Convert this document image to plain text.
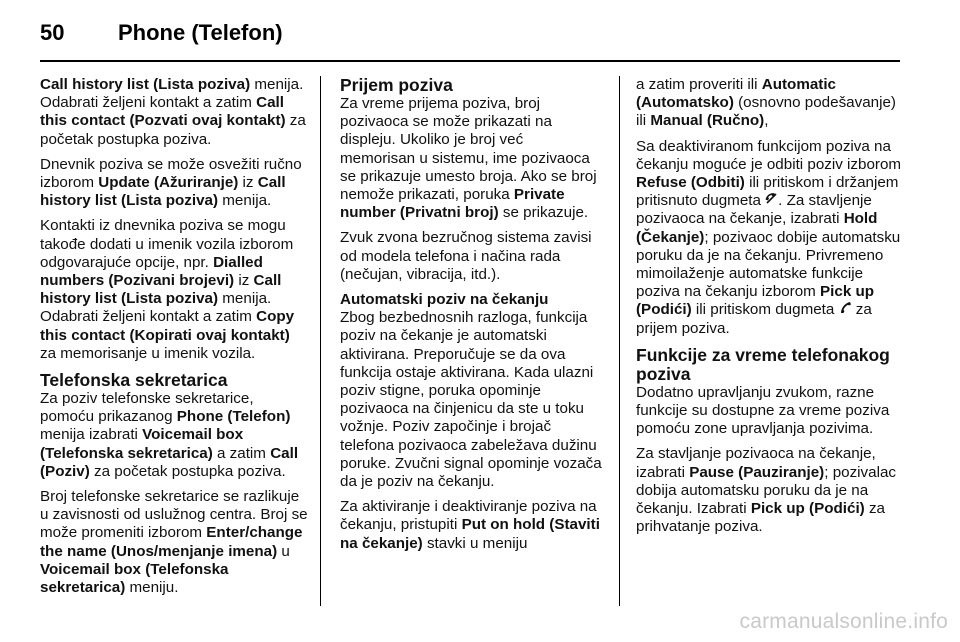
50 Phone (Telefon)

Call history list (Lista poziva) menija. Odabrati željeni kontakt a zatim Call this contact (Pozvati ovaj kontakt) za početak postupka poziva.

Dnevnik poziva se može osvežiti ručno izborom Update (Ažuriranje) iz Call history list (Lista poziva) menija.

Kontakti iz dnevnika poziva se mogu takođe dodati u imenik vozila izborom odgovarajuće opcije, npr. Dialled numbers (Pozivani brojevi) iz Call history list (Lista poziva) menija. Odabrati željeni kontakt a zatim Copy this contact (Kopirati ovaj kontakt) za memorisanje u imenik vozila.

Telefonska sekretarica

Za poziv telefonske sekretarice, pomoću prikazanog Phone (Telefon) menija izabrati Voicemail box (Telefonska sekretarica) a zatim Call (Poziv) za početak postupka poziva.

Broj telefonske sekretarice se razlikuje u zavisnosti od uslužnog centra. Broj se može promeniti izborom Enter/change the name (Unos/menjanje imena) u Voicemail box (Telefonska sekretarica) meniju.

Prijem poziva

Za vreme prijema poziva, broj pozivaoca se može prikazati na displeju. Ukoliko je broj već memorisan u sistemu, ime pozivaoca se prikazuje umesto broja. Ako se broj nemože prikazati, poruka Private number (Privatni broj) se prikazuje.

Zvuk zvona bezručnog sistema zavisi od modela telefona i načina rada (nečujan, vibracija, itd.).

Automatski poziv na čekanju

Zbog bezbednosnih razloga, funkcija poziv na čekanje je automatski aktivirana. Preporučuje se da ova funkcija ostaje aktivirana. Kada ulazni poziv stigne, poruka opominje pozivaoca na činjenicu da ste u toku vožnje. Poziv započinje i brojač telefona pozivaoca zabeležava dužinu poruke. Zvučni signal opominje vozača da je poziv na čekanju.

Za aktiviranje i deaktiviranje poziva na čekanju, pristupiti Put on hold (Staviti na čekanje) stavki u meniju

a zatim proveriti ili Automatic (Automatsko) (osnovno podešavanje) ili Manual (Ručno),

Sa deaktiviranom funkcijom poziva na čekanju moguće je odbiti poziv izborom Refuse (Odbiti) ili pritiskom i držanjem pritisnuto dugmeta . Za stavljenje pozivaoca na čekanje, izabrati Hold (Čekanje); pozivaoc dobije automatsku poruku da je na čekanju. Privremeno mimoilaženje automatske funkcije poziva na čekanju izborom Pick up (Podići) ili pritiskom dugmeta  za prijem poziva.

Funkcije za vreme telefonakog poziva

Dodatno upravljanju zvukom, razne funkcije su dostupne za vreme poziva pomoću zone upravljanja pozivima.

Za stavljanje pozivaoca na čekanje, izabrati Pause (Pauziranje); pozivalac dobija automatsku poruku da je na čekanju. Izabrati Pick up (Podići) za prihvatanje poziva.

carmanualsonline.info
